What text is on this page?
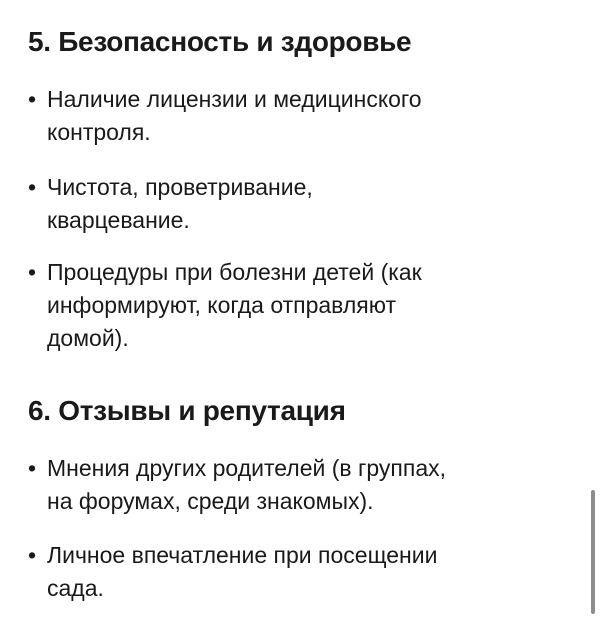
5. Безопасность и здоровье
• Наличие лицензии и медицинского
контроля.
• Чистота, проветривание,
кварцевание.
• Процедуры при болезни детей (как
информируют, когда отправляют
домой).
6. Отзывы и репутация
• Мнения других родителей (в группах,
на форумах, среди знакомых).
• Личное впечатление при посещении
сада.
